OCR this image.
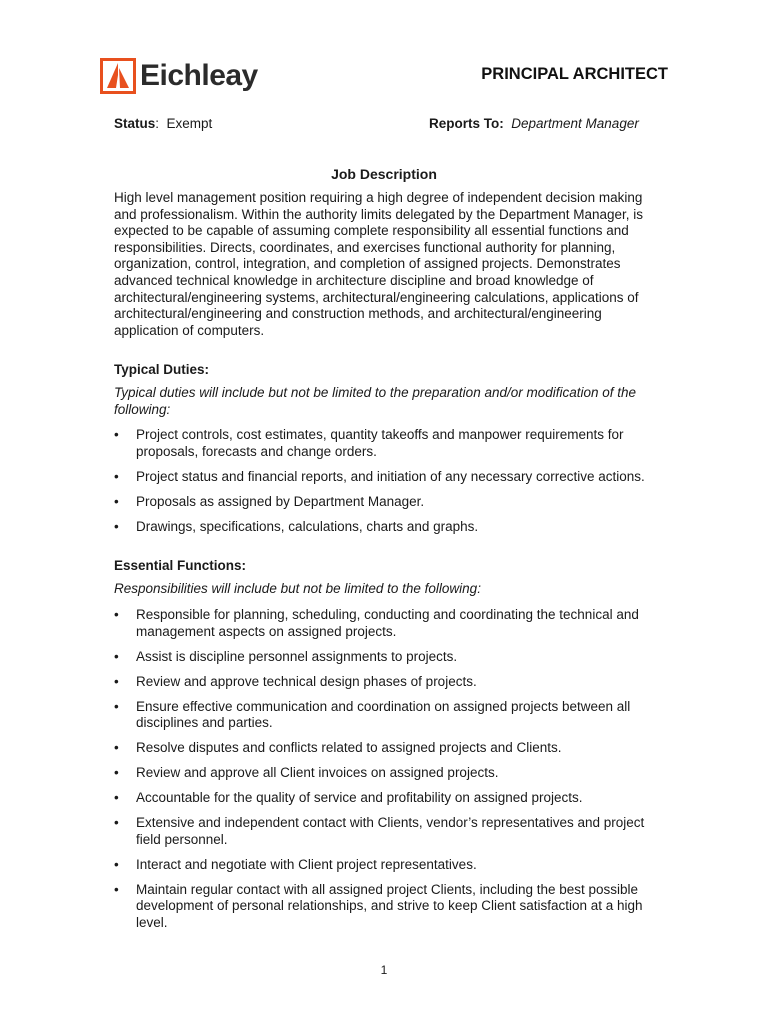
Eichleay	PRINCIPAL ARCHITECT
Status:  Exempt	Reports To: Department Manager
Job Description
High level management position requiring a high degree of independent decision making and professionalism. Within the authority limits delegated by the Department Manager, is expected to be capable of assuming complete responsibility all essential functions and responsibilities. Directs, coordinates, and exercises functional authority for planning, organization, control, integration, and completion of assigned projects. Demonstrates advanced technical knowledge in architecture discipline and broad knowledge of architectural/engineering systems, architectural/engineering calculations, applications of architectural/engineering and construction methods, and architectural/engineering application of computers.
Typical Duties:
Typical duties will include but not be limited to the preparation and/or modification of the following:
• Project controls, cost estimates, quantity takeoffs and manpower requirements for proposals, forecasts and change orders.
• Project status and financial reports, and initiation of any necessary corrective actions.
• Proposals as assigned by Department Manager.
• Drawings, specifications, calculations, charts and graphs.
Essential Functions:
Responsibilities will include but not be limited to the following:
• Responsible for planning, scheduling, conducting and coordinating the technical and management aspects on assigned projects.
• Assist is discipline personnel assignments to projects.
• Review and approve technical design phases of projects.
• Ensure effective communication and coordination on assigned projects between all disciplines and parties.
• Resolve disputes and conflicts related to assigned projects and Clients.
• Review and approve all Client invoices on assigned projects.
• Accountable for the quality of service and profitability on assigned projects.
• Extensive and independent contact with Clients, vendor’s representatives and project field personnel.
• Interact and negotiate with Client project representatives.
• Maintain regular contact with all assigned project Clients, including the best possible development of personal relationships, and strive to keep Client satisfaction at a high level.
1
